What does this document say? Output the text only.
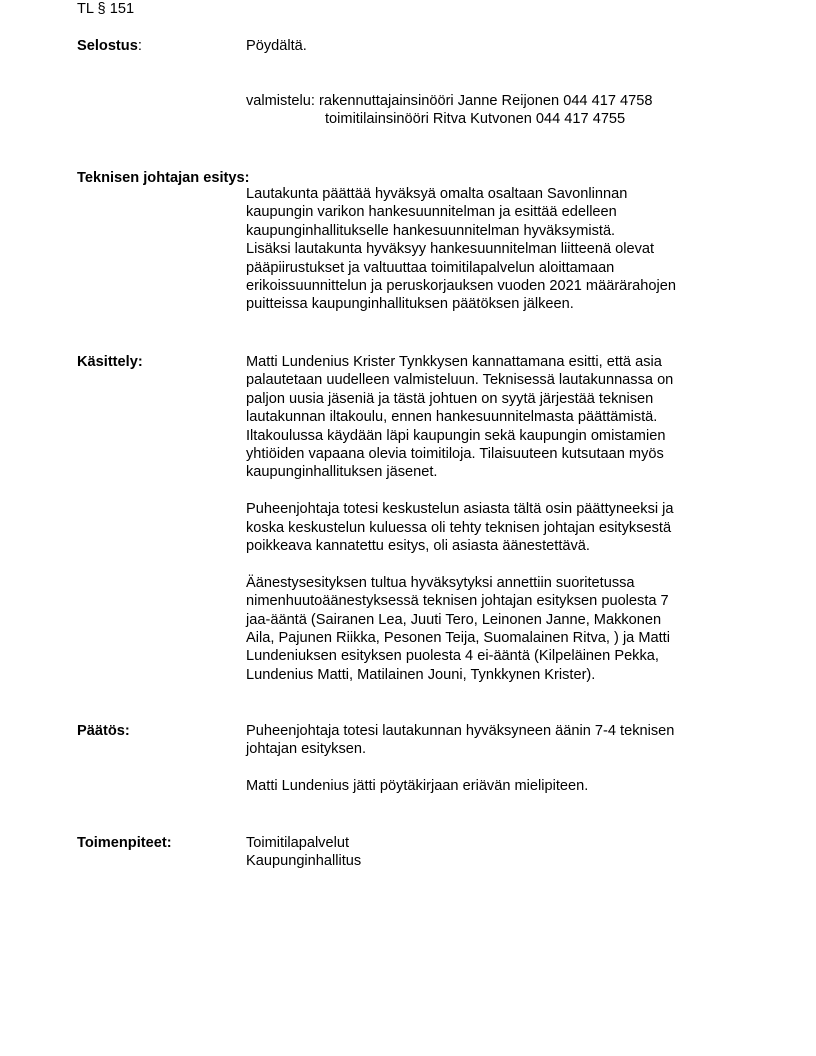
TL § 151
Selostus:	Pöydältä.
valmistelu: rakennuttajainsinööri Janne Reijonen 044 417 4758
toimitilainsinööri Ritva Kutvonen 044 417 4755
Teknisen johtajan esitys:
Lautakunta päättää hyväksyä omalta osaltaan Savonlinnan
kaupungin varikon hankesuunnitelman ja esittää edelleen
kaupunginhallitukselle hankesuunnitelman hyväksymistä.
Lisäksi lautakunta hyväksyy hankesuunnitelman liitteenä olevat
pääpiirustukset ja valtuuttaa toimitilapalvelun aloittamaan
erikoissuunnittelun ja peruskorjauksen vuoden 2021 määrärahojen
puitteissa kaupunginhallituksen päätöksen jälkeen.
Käsittely:	Matti Lundenius Krister Tynkkysen kannattamana esitti, että asia
palautetaan uudelleen valmisteluun. Teknisessä lautakunnassa on
paljon uusia jäseniä ja tästä johtuen on syytä järjestää teknisen
lautakunnan iltakoulu, ennen hankesuunnitelmasta päättämistä.
Iltakoulussa käydään läpi kaupungin sekä kaupungin omistamien
yhtiöiden vapaana olevia toimitiloja. Tilaisuuteen kutsutaan myös
kaupunginhallituksen jäsenet.
Puheenjohtaja totesi keskustelun asiasta tältä osin päättyneeksi ja
koska keskustelun kuluessa oli tehty teknisen johtajan esityksestä
poikkeava kannatettu esitys, oli asiasta äänestettävä.
Äänestysesityksen tultua hyväksytyksi annettiin suoritetussa
nimenhuutoäänestyksessä teknisen johtajan esityksen puolesta 7
jaa-ääntä (Sairanen Lea, Juuti Tero, Leinonen Janne, Makkonen
Aila, Pajunen Riikka, Pesonen Teija, Suomalainen Ritva, ) ja Matti
Lundeniuksen esityksen puolesta 4 ei-ääntä (Kilpeläinen Pekka,
Lundenius Matti, Matilainen Jouni, Tynkkynen Krister).
Päätös:	Puheenjohtaja totesi lautakunnan hyväksyneen äänin 7-4 teknisen
johtajan esityksen.
Matti Lundenius jätti pöytäkirjaan eriävän mielipiteen.
Toimenpiteet:	Toimitilapalvelut
Kaupunginhallitus
